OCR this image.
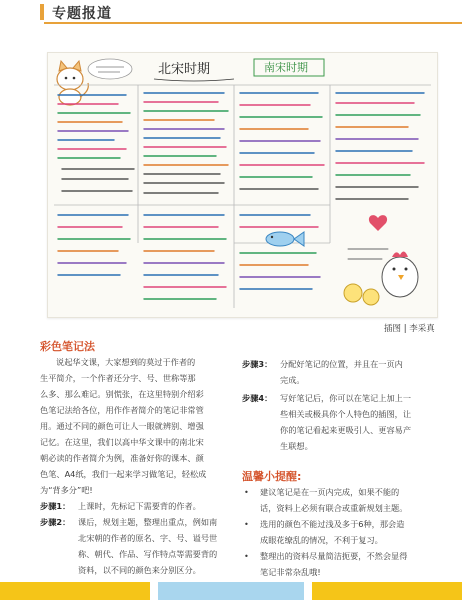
专题报道
北宋时期	南宋时期
插图 | 李采真
彩色笔记法
说起华文课，大家想到的莫过于作者的
生平简介，一个作者还分字、号、世称等那
么多、那么难记。别慌张，在这里特别介绍彩
色笔记法给各位，用作作者简介的笔记非常管
用。通过不同的颜色可让人一眼就辨别、增强
记忆。在这里，我们以高中华文课中的南北宋
朝必读的作者简介为例，准备好你的课本、颜
色笔、A4纸，我们一起来学习做笔记，轻松成
为“背多分”吧!
步骤1： 上课时，先标记下需要背的作者。
步骤2： 课后，规划主题，整理出重点，例如南
北宋朝的作者的原名、字、号、谥号世
称、朝代、作品、写作特点等需要背的
资料，以不同的颜色来分别区分。
步骤3： 分配好笔记的位置，并且在一页内
完成。
步骤4： 写好笔记后，你可以在笔记上加上一
些相关或极具你个人特色的插图，让
你的笔记看起来更吸引人、更容易产
生联想。
温馨小提醒:
• 建议笔记是在一页内完成，如果不能的
话，资料上必须有联合或重新规划主题。
• 选用的颜色不能过浅及多于6种，那会造
成眼花缭乱的情况，不利于复习。
• 整理出的资料尽量简洁扼要，不然会显得
笔记非常杂乱哦!
